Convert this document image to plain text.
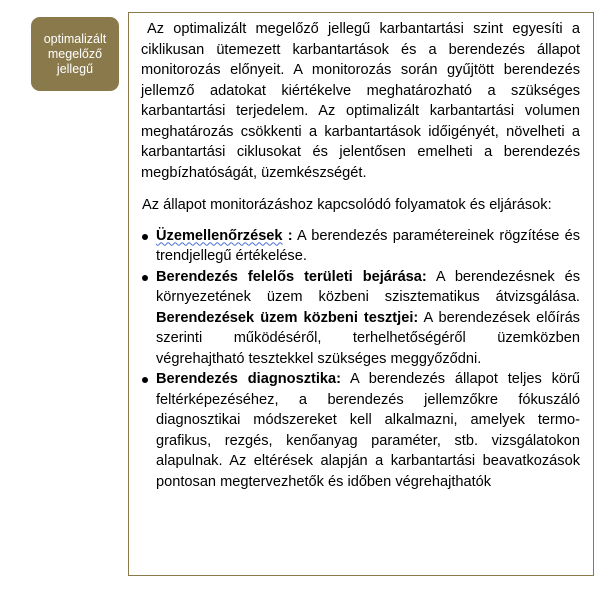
optimalizált
megelőző
jellegű

Az optimalizált megelőző jellegű karbantartási szint egyesíti a ciklikusan ütemezett karbantartások és a berendezés állapot monitorozás előnyeit. A monitorozás során gyűjtött berendezés jellemző adatokat kiértékelve meghatározható a szükséges karbantartási terjedelem. Az optimalizált karbantartási volumen meghatározás csökkenti a karbantartások időigényét, növelheti a karbantartási ciklusokat és jelentősen emelheti a berendezés megbízhatóságát, üzemkészségét.

Az állapot monitorázáshoz kapcsolódó folyamatok és eljárások:

Üzemellenőrzések : A berendezés paramétereinek rögzítése és trendjellegű értékelése.
Berendezés felelős területi bejárása: A berendezésnek és környezetének üzem közbeni szisztematikus átvizsgálása. Berendezések üzem közbeni tesztjei: A berendezések előírás szerinti működéséről, terhelhetőségéről üzemközben végrehajtható tesztekkel szükséges meggyőződni.
Berendezés diagnosztika: A berendezés állapot teljes körű feltérképezéséhez, a berendezés jellemzőkre fókuszáló diagnosztikai módszereket kell alkalmazni, amelyek termo-grafikus, rezgés, kenőanyag paraméter, stb. vizsgálatokon alapulnak. Az eltérések alapján a karbantartási beavatkozások pontosan megtervezhetők és időben végrehajthatók
